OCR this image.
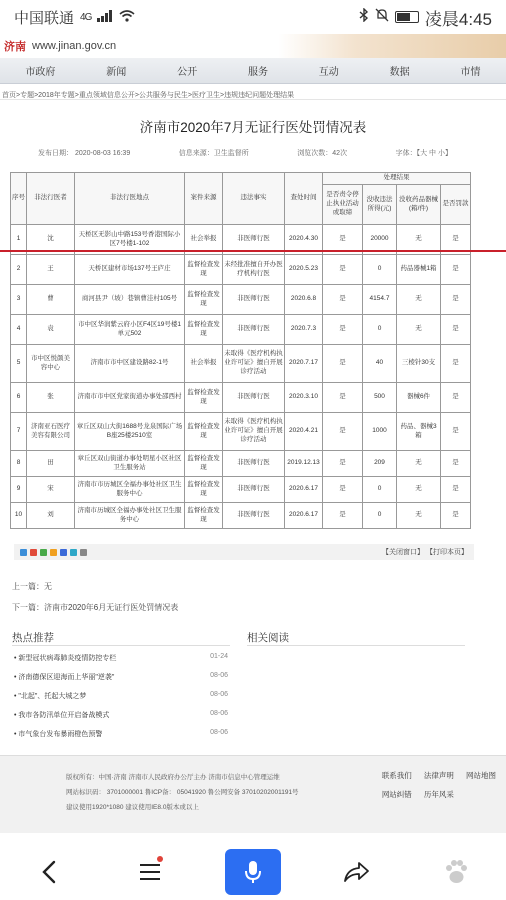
中国联通 4G	凌晨4:45
济南 www.jinan.gov.cn
市政府	新闻	公开	服务	互动	数据	市情
首页>专题>2018年专题>重点领域信息公开>公共服务与民生>医疗卫生>违规违纪问题处理结果
济南市2020年7月无证行医处罚情况表
发布日期： 2020-08-03 16:39	信息来源：卫生监督所	浏览次数：42次	字体：【大 中 小】
序号	非法行医者	非法行医地点	案件来源	违法事实	查处时间	处理结果			
						是否责令停止执业活动或取缔	没收违法所得(元)	没收药品器械(箱/件)	是否罚款
1	沈	天桥区无影山中路153号香港国际小区7号楼1-102	社会举报	非医师行医	2020.4.30	是	20000	无	是
2	王	天桥区建材市场137号王庐庄	监督检查发现	未经批准擅自开办医疗机构行医	2020.5.23	是	0	药品器械1箱	是
3	曹	商河县尹（坡）巷镇曹洼村105号	监督检查发现	非医师行医	2020.6.8	是	4154.7	无	是
4	袁	市中区华润紫云府小区F4区19号楼1单元502	监督检查发现	非医师行医	2020.7.3	是	0	无	是
5	市中区悦颜美容中心	济南市市中区建设路82-1号	社会举报	未取得《医疗机构执业许可证》擅自开展诊疗活动	2020.7.17	是	40	三棱针30支	是
6	张	济南市市中区党家街道办事处邵西村	监督检查发现	非医师行医	2020.3.10	是	500	器械6件	是
7	济南亚石医疗美容有限公司	章丘区双山大街1688号龙泉国际广场B座25楼2510室	监督检查发现	未取得《医疗机构执业许可证》擅自开展诊疗活动	2020.4.21	是	1000	药品、器械3箱	是
8	田	章丘区双山街道办事处明星小区社区卫生服务站	监督检查发现	非医师行医	2019.12.13	是	209	无	是
9	宋	济南市市历城区全福办事处社区卫生服务中心	监督检查发现	非医师行医	2020.6.17	是	0	无	是
10	刘	济南市历城区全福办事处社区卫生服务中心	监督检查发现	非医师行医	2020.6.17	是	0	无	是
【关闭窗口】 【打印本页】
上一篇：无
下一篇：济南市2020年6月无证行医处罚情况表
热点推荐	相关阅读
• 新型冠状病毒肺炎疫情防控专栏	01-24
• 济南德保区迎海而上华丽"逆袭"	08-06
• "北起"、托起大城之梦	08-06
• 我市各防汛单位开启备战模式	08-06
• 市气象台发布暴雨橙色预警	08-06
版权所有：中国·济南 济南市人民政府办公厅主办 济南市信息中心管理运维
网站标识码： 3701000001 鲁ICP备： 05041920 鲁公网安备 37010202001191号
建议使用1920*1080 建议使用IE8.0版本或以上
联系我们 法律声明 网站地图
网站纠错 历年风采
